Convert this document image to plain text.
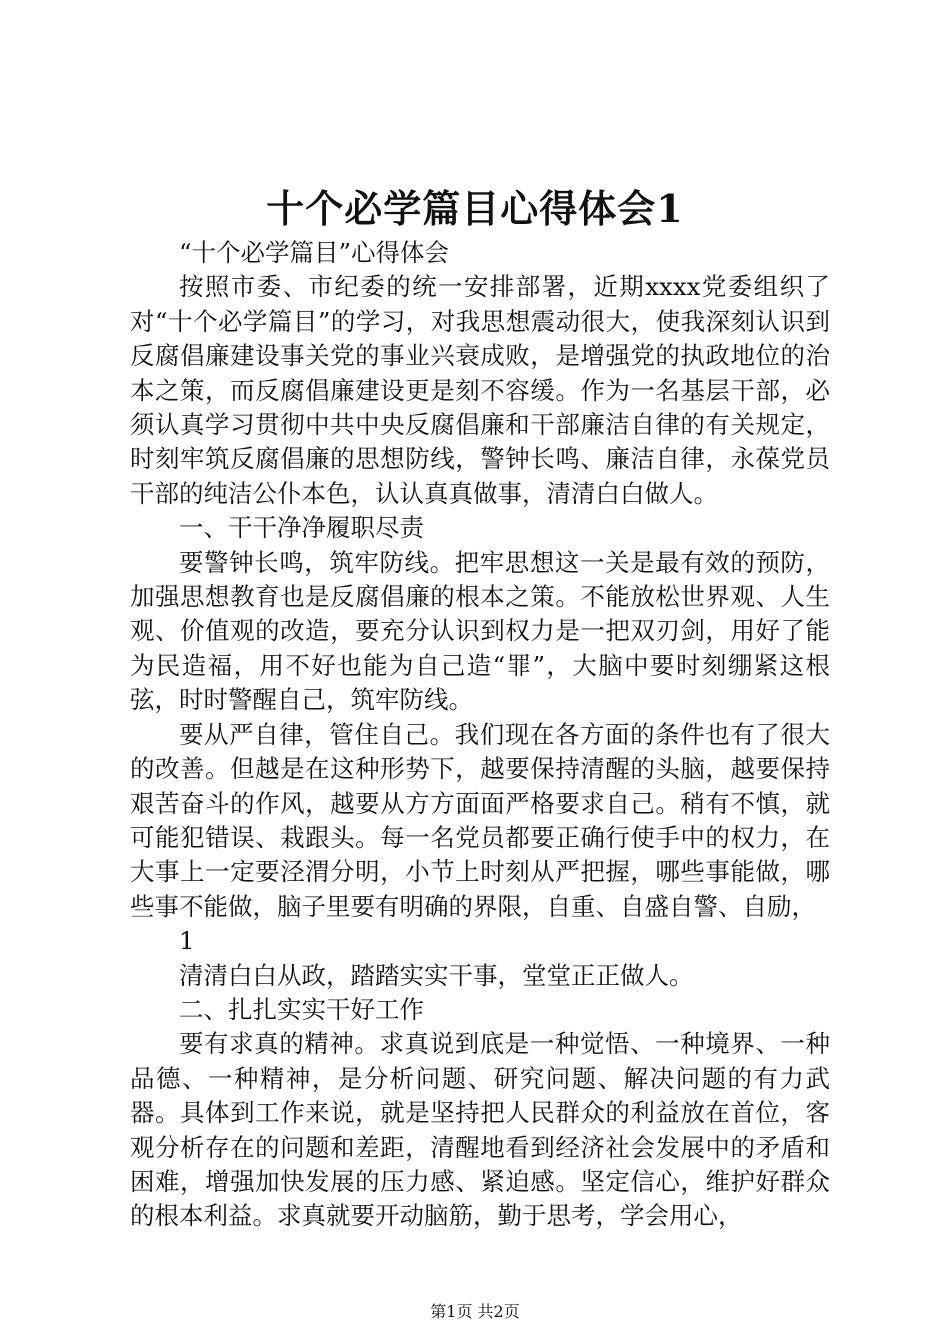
十个必学篇目心得体会1

“十个必学篇目”心得体会

按照市委、市纪委的统一安排部署，近期xxxx党委组织了对“十个必学篇目”的学习，对我思想震动很大，使我深刻认识到反腐倡廉建设事关党的事业兴衰成败，是增强党的执政地位的治本之策，而反腐倡廉建设更是刻不容缓。作为一名基层干部，必须认真学习贯彻中共中央反腐倡廉和干部廉洁自律的有关规定，时刻牢筑反腐倡廉的思想防线，警钟长鸣、廉洁自律，永葆党员干部的纯洁公仆本色，认认真真做事，清清白白做人。

一、干干净净履职尽责

要警钟长鸣，筑牢防线。把牢思想这一关是最有效的预防，加强思想教育也是反腐倡廉的根本之策。不能放松世界观、人生观、价值观的改造，要充分认识到权力是一把双刃剑，用好了能为民造福，用不好也能为自己造“罪”，大脑中要时刻绷紧这根弦，时时警醒自己，筑牢防线。

要从严自律，管住自己。我们现在各方面的条件也有了很大的改善。但越是在这种形势下，越要保持清醒的头脑，越要保持艰苦奋斗的作风，越要从方方面面严格要求自己。稍有不慎，就可能犯错误、栽跟头。每一名党员都要正确行使手中的权力，在大事上一定要泾渭分明，小节上时刻从严把握，哪些事能做，哪些事不能做，脑子里要有明确的界限，自重、自盛自警、自励，

1

清清白白从政，踏踏实实干事，堂堂正正做人。

二、扎扎实实干好工作

要有求真的精神。求真说到底是一种觉悟、一种境界、一种品德、一种精神，是分析问题、研究问题、解决问题的有力武器。具体到工作来说，就是坚持把人民群众的利益放在首位，客观分析存在的问题和差距，清醒地看到经济社会发展中的矛盾和困难，增强加快发展的压力感、紧迫感。坚定信心，维护好群众的根本利益。求真就要开动脑筋，勤于思考，学会用心，

第1页 共2页
